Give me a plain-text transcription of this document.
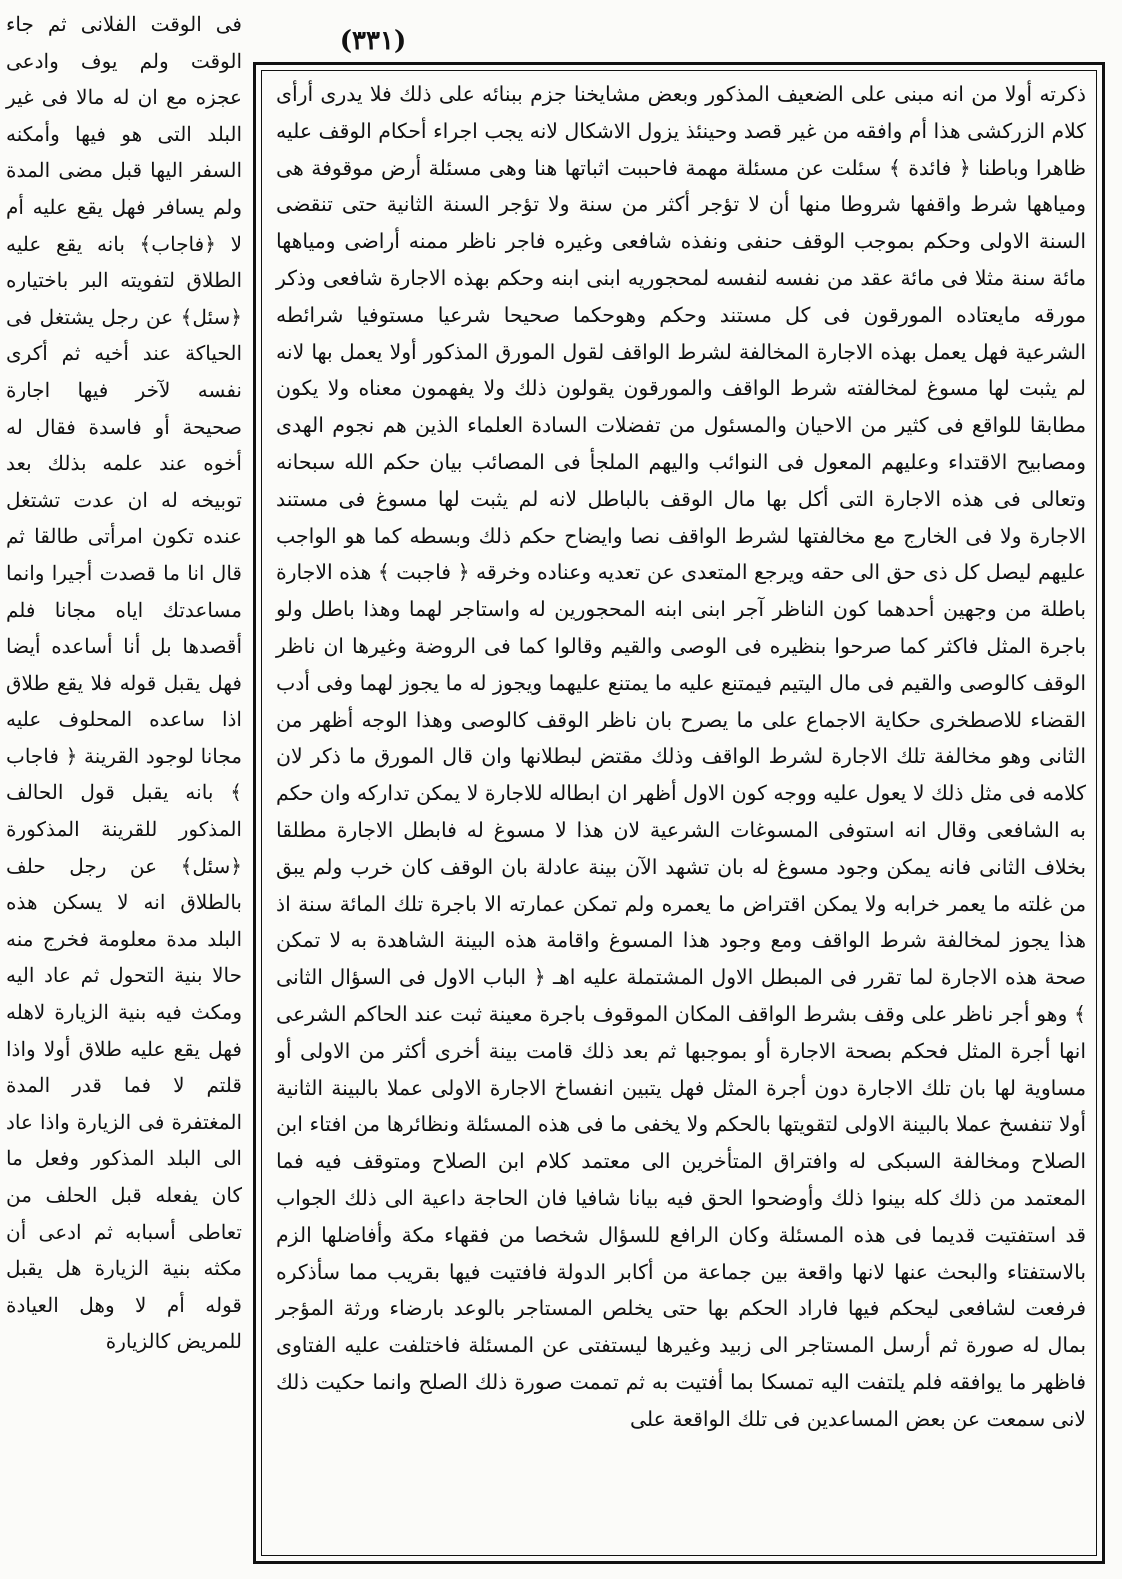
(٣٣١)

ذكرته أولا من انه مبنى على الضعيف المذكور وبعض مشايخنا جزم ببنائه على ذلك فلا يدرى أرأى كلام الزركشى هذا أم وافقه من غير قصد وحينئذ يزول الاشكال لانه يجب اجراء أحكام الوقف عليه ظاهرا وباطنا ﴿ فائدة ﴾ سئلت عن مسئلة مهمة فاحببت اثباتها هنا وهى مسئلة أرض موقوفة هى ومياهها شرط واقفها شروطا منها أن لا تؤجر أكثر من سنة ولا تؤجر السنة الثانية حتى تنقضى السنة الاولى وحكم بموجب الوقف حنفى ونفذه شافعى وغيره فاجر ناظر ممنه أراضى ومياهها مائة سنة مثلا فى مائة عقد من نفسه لنفسه لمحجوريه ابنى ابنه وحكم بهذه الاجارة شافعى وذكر مورقه مايعتاده المورقون فى كل مستند وحكم وهوحكما صحيحا شرعيا مستوفيا شرائطه الشرعية فهل يعمل بهذه الاجارة المخالفة لشرط الواقف لقول المورق المذكور أولا يعمل بها لانه لم يثبت لها مسوغ لمخالفته شرط الواقف والمورقون يقولون ذلك ولا يفهمون معناه ولا يكون مطابقا للواقع فى كثير من الاحيان والمسئول من تفضلات السادة العلماء الذين هم نجوم الهدى ومصابيح الاقتداء وعليهم المعول فى النوائب واليهم الملجأ فى المصائب بيان حكم الله سبحانه وتعالى فى هذه الاجارة التى أكل بها مال الوقف بالباطل لانه لم يثبت لها مسوغ فى مستند الاجارة ولا فى الخارج مع مخالفتها لشرط الواقف نصا وايضاح حكم ذلك وبسطه كما هو الواجب عليهم ليصل كل ذى حق الى حقه ويرجع المتعدى عن تعديه وعناده وخرقه ﴿ فاجبت ﴾ هذه الاجارة باطلة من وجهين أحدهما كون الناظر آجر ابنى ابنه المحجورين له واستاجر لهما وهذا باطل ولو باجرة المثل فاكثر كما صرحوا بنظيره فى الوصى والقيم وقالوا كما فى الروضة وغيرها ان ناظر الوقف كالوصى والقيم فى مال اليتيم فيمتنع عليه ما يمتنع عليهما ويجوز له ما يجوز لهما وفى أدب القضاء للاصطخرى حكاية الاجماع على ما يصرح بان ناظر الوقف كالوصى وهذا الوجه أظهر من الثانى وهو مخالفة تلك الاجارة لشرط الواقف وذلك مقتض لبطلانها وان قال المورق ما ذكر لان كلامه فى مثل ذلك لا يعول عليه ووجه كون الاول أظهر ان ابطاله للاجارة لا يمكن تداركه وان حكم به الشافعى وقال انه استوفى المسوغات الشرعية لان هذا لا مسوغ له فابطل الاجارة مطلقا بخلاف الثانى فانه يمكن وجود مسوغ له بان تشهد الآن بينة عادلة بان الوقف كان خرب ولم يبق من غلته ما يعمر خرابه ولا يمكن اقتراض ما يعمره ولم تمكن عمارته الا باجرة تلك المائة سنة اذ هذا يجوز لمخالفة شرط الواقف ومع وجود هذا المسوغ واقامة هذه البينة الشاهدة به لا تمكن صحة هذه الاجارة لما تقرر فى المبطل الاول المشتملة عليه اهـ ﴿ الباب الاول فى السؤال الثانى ﴾ وهو أجر ناظر على وقف بشرط الواقف المكان الموقوف باجرة معينة ثبت عند الحاكم الشرعى انها أجرة المثل فحكم بصحة الاجارة أو بموجبها ثم بعد ذلك قامت بينة أخرى أكثر من الاولى أو مساوية لها بان تلك الاجارة دون أجرة المثل فهل يتبين انفساخ الاجارة الاولى عملا بالبينة الثانية أولا تنفسخ عملا بالبينة الاولى لتقويتها بالحكم ولا يخفى ما فى هذه المسئلة ونظائرها من افتاء ابن الصلاح ومخالفة السبكى له وافتراق المتأخرين الى معتمد كلام ابن الصلاح ومتوقف فيه فما المعتمد من ذلك كله بينوا ذلك وأوضحوا الحق فيه بيانا شافيا فان الحاجة داعية الى ذلك الجواب قد استفتيت قديما فى هذه المسئلة وكان الرافع للسؤال شخصا من فقهاء مكة وأفاضلها الزم بالاستفتاء والبحث عنها لانها واقعة بين جماعة من أكابر الدولة فافتيت فيها بقريب مما سأذكره فرفعت لشافعى ليحكم فيها فاراد الحكم بها حتى يخلص المستاجر بالوعد بارضاء ورثة المؤجر بمال له صورة ثم أرسل المستاجر الى زبيد وغيرها ليستفتى عن المسئلة فاختلفت عليه الفتاوى فاظهر ما يوافقه فلم يلتفت اليه تمسكا بما أفتيت به ثم تممت صورة ذلك الصلح وانما حكيت ذلك لانى سمعت عن بعض المساعدين فى تلك الواقعة على

فى الوقت الفلانى ثم جاء الوقت ولم يوف وادعى عجزه مع ان له مالا فى غير البلد التى هو فيها وأمكنه السفر اليها قبل مضى المدة ولم يسافر فهل يقع عليه أم لا ﴿فاجاب﴾ بانه يقع عليه الطلاق لتفويته البر باختياره ﴿سئل﴾ عن رجل يشتغل فى الحياكة عند أخيه ثم أكرى نفسه لآخر فيها اجارة صحيحة أو فاسدة فقال له أخوه عند علمه بذلك بعد توبيخه له ان عدت تشتغل عنده تكون امرأتى طالقا ثم قال انا ما قصدت أجيرا وانما مساعدتك اياه مجانا فلم أقصدها بل أنا أساعده أيضا فهل يقبل قوله فلا يقع طلاق اذا ساعده المحلوف عليه مجانا لوجود القرينة ﴿ فاجاب ﴾ بانه يقبل قول الحالف المذكور للقرينة المذكورة ﴿سئل﴾ عن رجل حلف بالطلاق انه لا يسكن هذه البلد مدة معلومة فخرج منه حالا بنية التحول ثم عاد اليه ومكث فيه بنية الزيارة لاهله فهل يقع عليه طلاق أولا واذا قلتم لا فما قدر المدة المغتفرة فى الزيارة واذا عاد الى البلد المذكور وفعل ما كان يفعله قبل الحلف من تعاطى أسبابه ثم ادعى أن مكثه بنية الزيارة هل يقبل قوله أم لا وهل العيادة للمريض كالزيارة
